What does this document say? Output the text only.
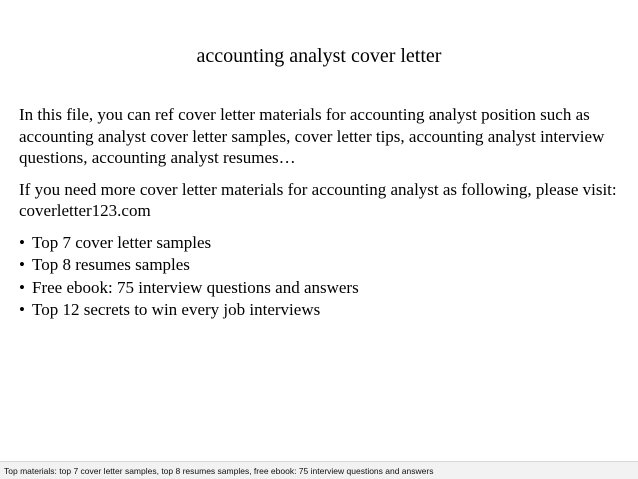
accounting analyst cover letter

In this file, you can ref cover letter materials for accounting analyst position such as accounting analyst cover letter samples, cover letter tips, accounting analyst interview questions, accounting analyst resumes…

If you need more cover letter materials for accounting analyst as following, please visit: coverletter123.com

• Top 7 cover letter samples
• Top 8 resumes samples
• Free ebook: 75 interview questions and answers
• Top 12 secrets to win every job interviews
Top materials: top 7 cover letter samples, top 8 resumes samples, free ebook: 75 interview questions and answers
